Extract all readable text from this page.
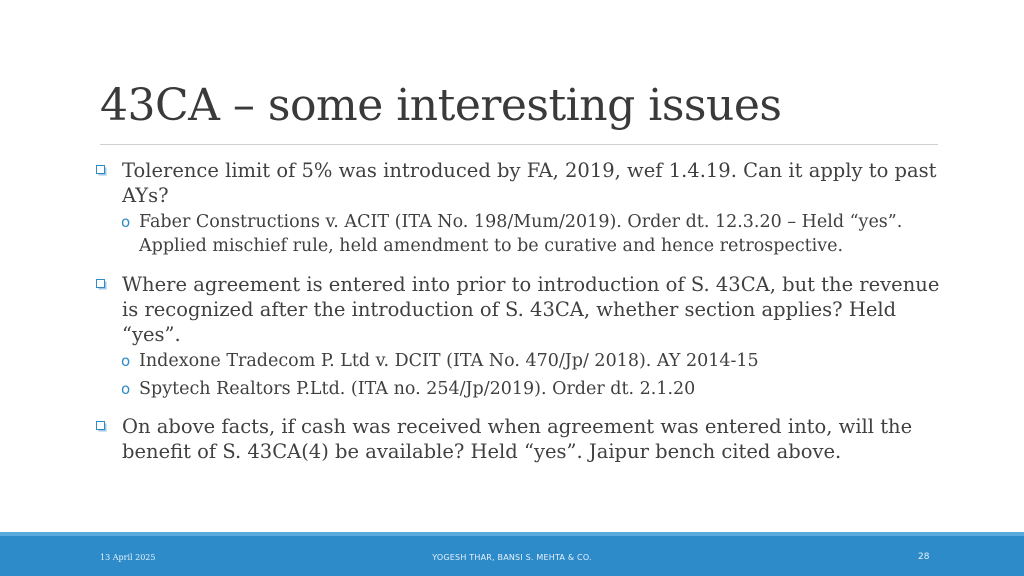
43CA – some interesting issues
Tolerence limit of 5% was introduced by FA, 2019, wef 1.4.19. Can it apply to past AYs?
o Faber Constructions v. ACIT (ITA No. 198/Mum/2019). Order dt. 12.3.20 – Held “yes”. Applied mischief rule, held amendment to be curative and hence retrospective.
Where agreement is entered into prior to introduction of S. 43CA, but the revenue is recognized after the introduction of S. 43CA, whether section applies? Held “yes”.
o Indexone Tradecom P. Ltd v. DCIT (ITA No. 470/Jp/ 2018). AY 2014-15
o Spytech Realtors P.Ltd. (ITA no. 254/Jp/2019). Order dt. 2.1.20
On above facts, if cash was received when agreement was entered into, will the benefit of S. 43CA(4) be available? Held “yes”. Jaipur bench cited above.
13 April 2025	YOGESH THAR, BANSI S. MEHTA & CO.	28
